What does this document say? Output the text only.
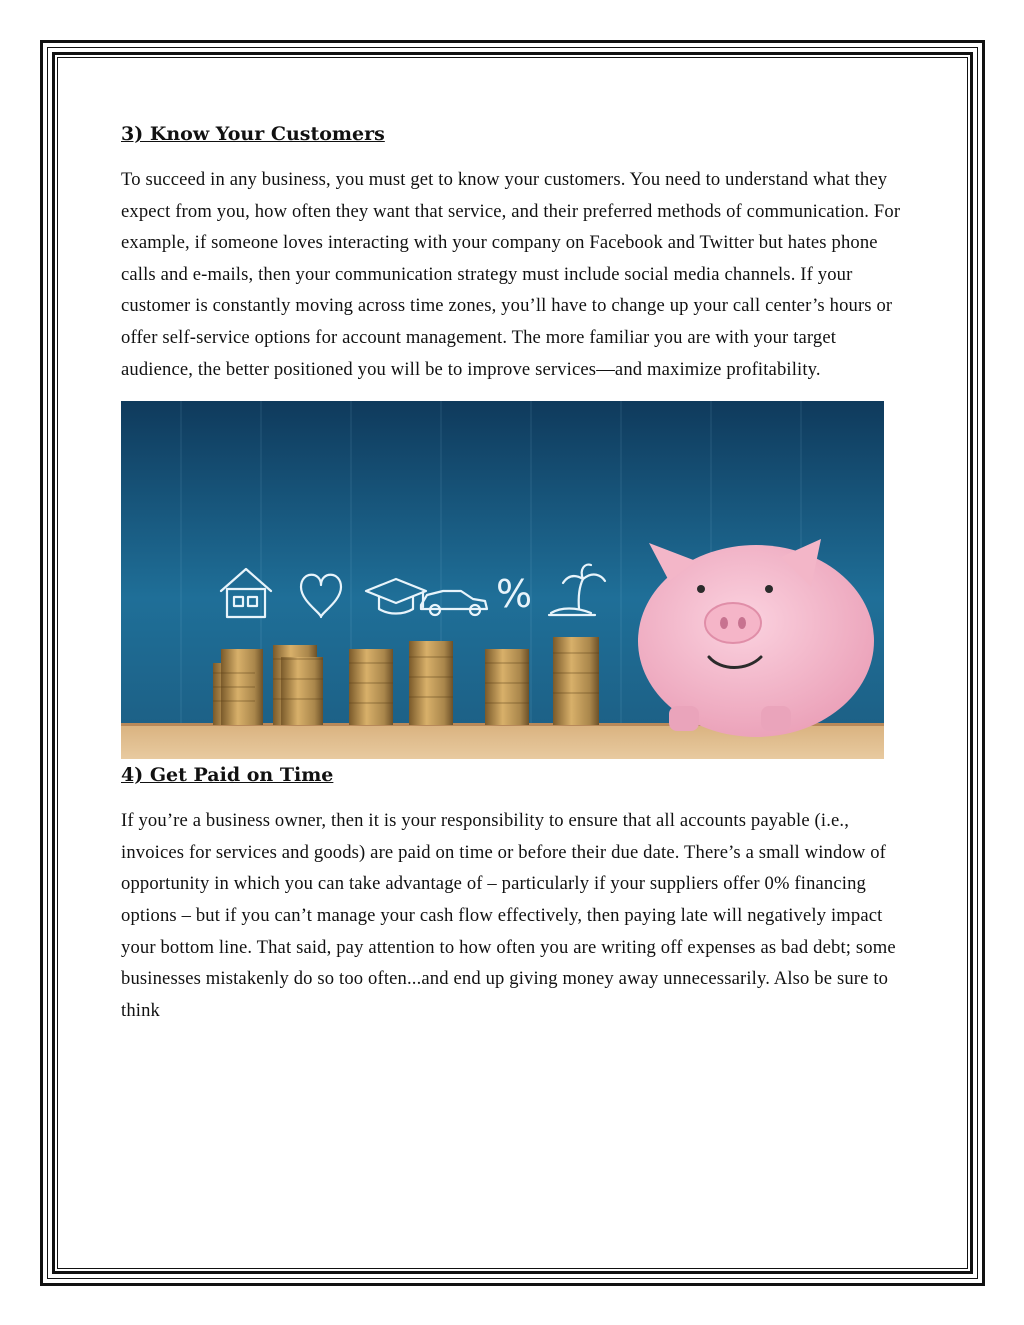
3) Know Your Customers

To succeed in any business, you must get to know your customers. You need to understand what they expect from you, how often they want that service, and their preferred methods of communication. For example, if someone loves interacting with your company on Facebook and Twitter but hates phone calls and e-mails, then your communication strategy must include social media channels. If your customer is constantly moving across time zones, you’ll have to change up your call center’s hours or offer self-service options for account management. The more familiar you are with your target audience, the better positioned you will be to improve services—and maximize profitability.

%
4) Get Paid on Time

If you’re a business owner, then it is your responsibility to ensure that all accounts payable (i.e., invoices for services and goods) are paid on time or before their due date. There’s a small window of opportunity in which you can take advantage of – particularly if your suppliers offer 0% financing options – but if you can’t manage your cash flow effectively, then paying late will negatively impact your bottom line. That said, pay attention to how often you are writing off expenses as bad debt; some businesses mistakenly do so too often...and end up giving money away unnecessarily. Also be sure to think
